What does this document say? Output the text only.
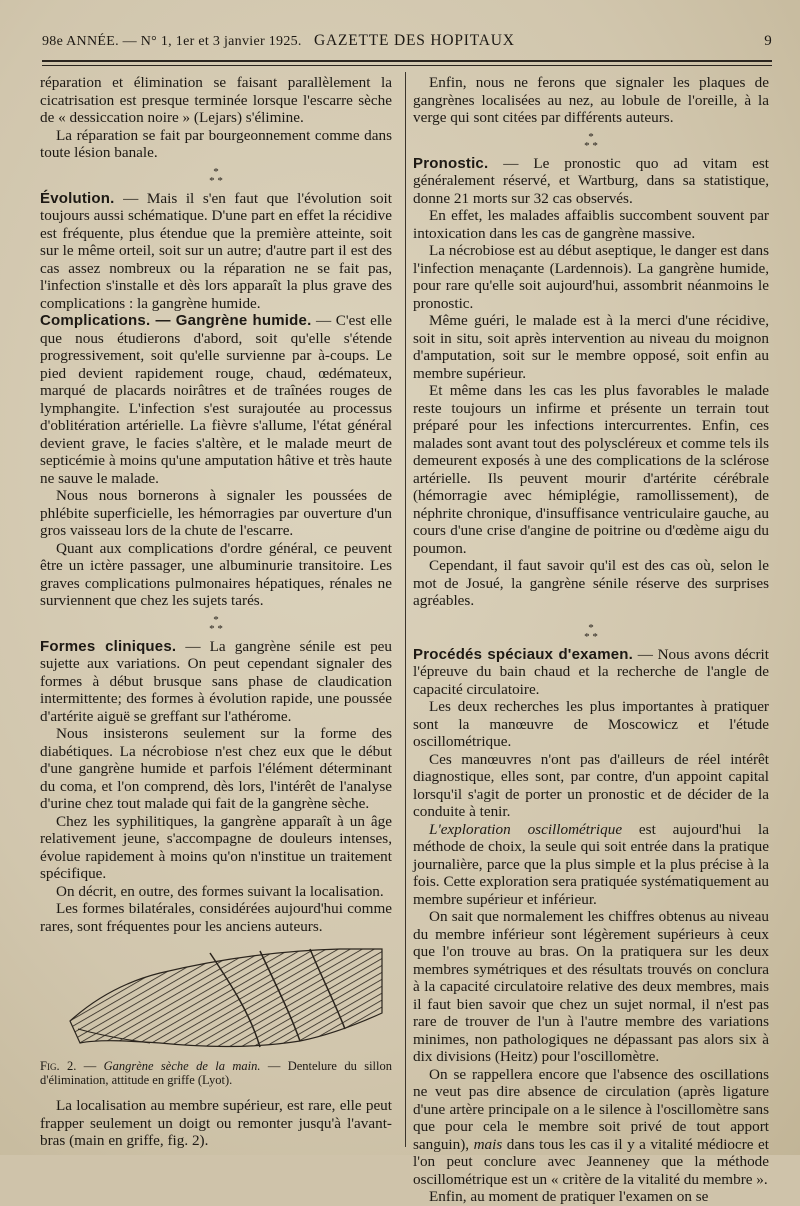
98e ANNÉE. — N° 1, 1er et 3 janvier 1925. GAZETTE DES HOPITAUX	9

réparation et élimination se faisant parallèlement la cicatrisation est presque terminée lorsque l'escarre sèche de « dessiccation noire » (Lejars) s'élimine.

La réparation se fait par bourgeonnement comme dans toute lésion banale.

*
* *

Évolution. — Mais il s'en faut que l'évolution soit toujours aussi schématique. D'une part en effet la récidive est fréquente, plus étendue que la première atteinte, soit sur le même orteil, soit sur un autre; d'autre part il est des cas assez nombreux ou la réparation ne se fait pas, l'infection s'installe et dès lors apparaît la plus grave des complications : la gangrène humide.

Complications. — Gangrène humide. — C'est elle que nous étudierons d'abord, soit qu'elle s'étende progressivement, soit qu'elle survienne par à-coups. Le pied devient rapidement rouge, chaud, œdémateux, marqué de placards noirâtres et de traînées rouges de lymphangite. L'infection s'est surajoutée au processus d'oblitération artérielle. La fièvre s'allume, l'état général devient grave, le facies s'altère, et le malade meurt de septicémie à moins qu'une amputation hâtive et très haute ne sauve le malade.

Nous nous bornerons à signaler les poussées de phlébite superficielle, les hémorragies par ouverture d'un gros vaisseau lors de la chute de l'escarre.

Quant aux complications d'ordre général, ce peuvent être un ictère passager, une albuminurie transitoire. Les graves complications pulmonaires hépatiques, rénales ne surviennent que chez les sujets tarés.

*
* *

Formes cliniques. — La gangrène sénile est peu sujette aux variations. On peut cependant signaler des formes à début brusque sans phase de claudication intermittente; des formes à évolution rapide, une poussée d'artérite aiguë se greffant sur l'athérome.

Nous insisterons seulement sur la forme des diabétiques. La nécrobiose n'est chez eux que le début d'une gangrène humide et parfois l'élément déterminant du coma, et l'on comprend, dès lors, l'intérêt de l'analyse d'urine chez tout malade qui fait de la gangrène sèche.

Chez les syphilitiques, la gangrène apparaît à un âge relativement jeune, s'accompagne de douleurs intenses, évolue rapidement à moins qu'on n'institue un traitement spécifique.

On décrit, en outre, des formes suivant la localisation.

Les formes bilatérales, considérées aujourd'hui comme rares, sont fréquentes pour les anciens auteurs.

Fig. 2. — Gangrène sèche de la main. — Dentelure du sillon d'élimination, attitude en griffe (Lyot).

La localisation au membre supérieur, est rare, elle peut frapper seulement un doigt ou remonter jusqu'à l'avant-bras (main en griffe, fig. 2).

Enfin, nous ne ferons que signaler les plaques de gangrènes localisées au nez, au lobule de l'oreille, à la verge qui sont citées par différents auteurs.

*
* *

Pronostic. — Le pronostic quo ad vitam est généralement réservé, et Wartburg, dans sa statistique, donne 21 morts sur 32 cas observés.

En effet, les malades affaiblis succombent souvent par intoxication dans les cas de gangrène massive.

La nécrobiose est au début aseptique, le danger est dans l'infection menaçante (Lardennois). La gangrène humide, pour rare qu'elle soit aujourd'hui, assombrit néanmoins le pronostic.

Même guéri, le malade est à la merci d'une récidive, soit in situ, soit après intervention au niveau du moignon d'amputation, soit sur le membre opposé, soit enfin au membre supérieur.

Et même dans les cas les plus favorables le malade reste toujours un infirme et présente un terrain tout préparé pour les infections intercurrentes. Enfin, ces malades sont avant tout des polyscléreux et comme tels ils demeurent exposés à une des complications de la sclérose artérielle. Ils peuvent mourir d'artérite cérébrale (hémorragie avec hémiplégie, ramollissement), de néphrite chronique, d'insuffisance ventriculaire gauche, au cours d'une crise d'angine de poitrine ou d'œdème aigu du poumon.

Cependant, il faut savoir qu'il est des cas où, selon le mot de Josué, la gangrène sénile réserve des surprises agréables.

*
* *

Procédés spéciaux d'examen. — Nous avons décrit l'épreuve du bain chaud et la recherche de l'angle de capacité circulatoire.

Les deux recherches les plus importantes à pratiquer sont la manœuvre de Moscowicz et l'étude oscillométrique.

Ces manœuvres n'ont pas d'ailleurs de réel intérêt diagnostique, elles sont, par contre, d'un appoint capital lorsqu'il s'agit de porter un pronostic et de décider de la conduite à tenir.

L'exploration oscillométrique est aujourd'hui la méthode de choix, la seule qui soit entrée dans la pratique journalière, parce que la plus simple et la plus précise à la fois. Cette exploration sera pratiquée systématiquement au membre supérieur et inférieur.

On sait que normalement les chiffres obtenus au niveau du membre inférieur sont légèrement supérieurs à ceux que l'on trouve au bras. On la pratiquera sur les deux membres symétriques et des résultats trouvés on conclura à la capacité circulatoire relative des deux membres, mais il faut bien savoir que chez un sujet normal, il n'est pas rare de trouver de l'un à l'autre membre des variations minimes, non pathologiques ne dépassant pas alors six à dix divisions (Heitz) pour l'oscillomètre.

On se rappellera encore que l'absence des oscillations ne veut pas dire absence de circulation (après ligature d'une artère principale on a le silence à l'oscillomètre sans que pour cela le membre soit privé de tout apport sanguin), mais dans tous les cas il y a vitalité médiocre et l'on peut conclure avec Jeanneney que la méthode oscillométrique est un « critère de la vitalité du membre ».

Enfin, au moment de pratiquer l'examen on se
